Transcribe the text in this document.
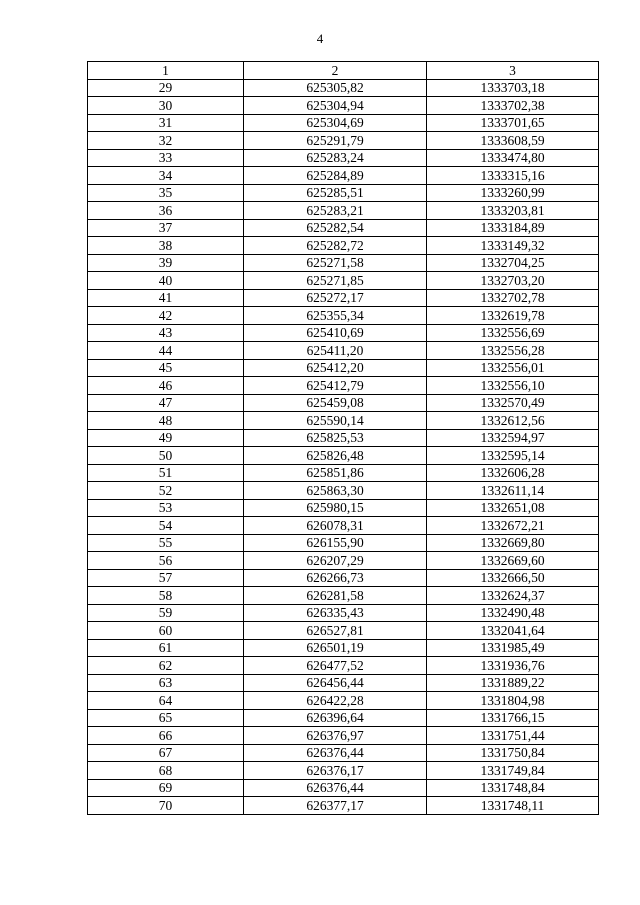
4
1	2	3
29	625305,82	1333703,18
30	625304,94	1333702,38
31	625304,69	1333701,65
32	625291,79	1333608,59
33	625283,24	1333474,80
34	625284,89	1333315,16
35	625285,51	1333260,99
36	625283,21	1333203,81
37	625282,54	1333184,89
38	625282,72	1333149,32
39	625271,58	1332704,25
40	625271,85	1332703,20
41	625272,17	1332702,78
42	625355,34	1332619,78
43	625410,69	1332556,69
44	625411,20	1332556,28
45	625412,20	1332556,01
46	625412,79	1332556,10
47	625459,08	1332570,49
48	625590,14	1332612,56
49	625825,53	1332594,97
50	625826,48	1332595,14
51	625851,86	1332606,28
52	625863,30	1332611,14
53	625980,15	1332651,08
54	626078,31	1332672,21
55	626155,90	1332669,80
56	626207,29	1332669,60
57	626266,73	1332666,50
58	626281,58	1332624,37
59	626335,43	1332490,48
60	626527,81	1332041,64
61	626501,19	1331985,49
62	626477,52	1331936,76
63	626456,44	1331889,22
64	626422,28	1331804,98
65	626396,64	1331766,15
66	626376,97	1331751,44
67	626376,44	1331750,84
68	626376,17	1331749,84
69	626376,44	1331748,84
70	626377,17	1331748,11
